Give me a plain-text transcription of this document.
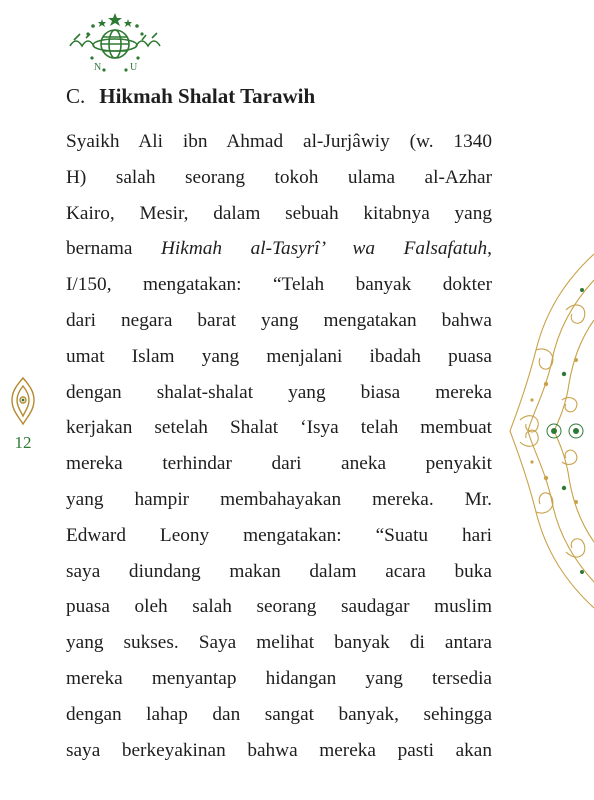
N	U
C. Hikmah Shalat Tarawih
Syaikh Ali ibn Ahmad al-Jurjâwiy (w. 1340
H) salah seorang tokoh ulama al-Azhar
Kairo, Mesir, dalam sebuah kitabnya yang
bernama Hikmah al-Tasyrî’ wa Falsafatuh,
I/150, mengatakan: “Telah banyak dokter
dari negara barat yang mengatakan bahwa
umat Islam yang menjalani ibadah puasa
dengan shalat-shalat yang biasa mereka
kerjakan setelah Shalat ‘Isya telah membuat
mereka terhindar dari aneka penyakit
yang hampir membahayakan mereka. Mr.
Edward Leony mengatakan: “Suatu hari
saya diundang makan dalam acara buka
puasa oleh salah seorang saudagar muslim
yang sukses. Saya melihat banyak di antara
mereka menyantap hidangan yang tersedia
dengan lahap dan sangat banyak, sehingga
saya berkeyakinan bahwa mereka pasti akan
12
